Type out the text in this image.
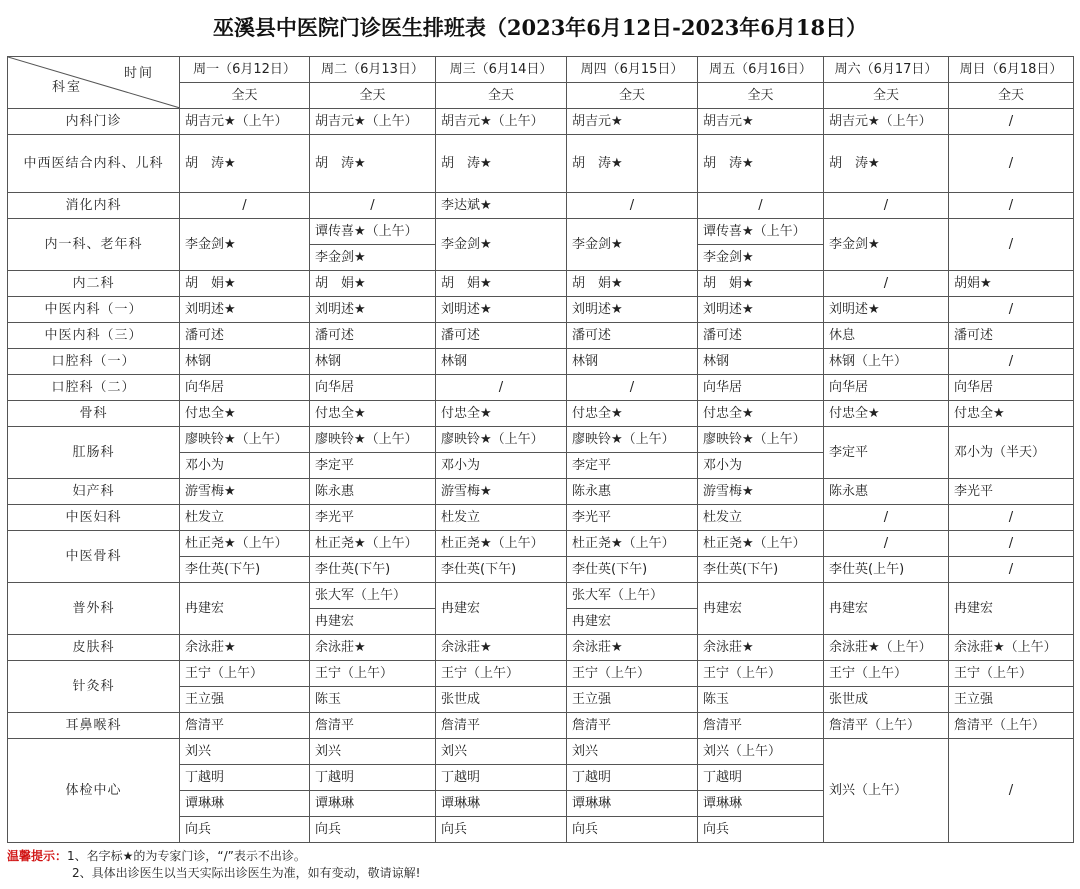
巫溪县中医院门诊医生排班表（2023年6月12日-2023年6月18日）
科室
时间	周一（6月12日）	周二（6月13日）	周三（6月14日）	周四（6月15日）	周五（6月16日）	周六（6月17日）	周日（6月18日）
	全天	全天	全天	全天	全天	全天	全天
内科门诊	胡吉元★（上午）	胡吉元★（上午）	胡吉元★（上午）	胡吉元★	胡吉元★	胡吉元★（上午）	/
中西医结合内科、儿科	胡　涛★	胡　涛★	胡　涛★	胡　涛★	胡　涛★	胡　涛★	/
消化内科	/	/	李达斌★	/	/	/	/
内一科、老年科	李金剑★	谭传喜★（上午）	李金剑★	李金剑★	谭传喜★（上午）	李金剑★	/
		李金剑★			李金剑★		
内二科	胡　娟★	胡　娟★	胡　娟★	胡　娟★	胡　娟★	/	胡娟★
中医内科（一）	刘明述★	刘明述★	刘明述★	刘明述★	刘明述★	刘明述★	/
中医内科（三）	潘可述	潘可述	潘可述	潘可述	潘可述	休息	潘可述
口腔科（一）	林钢	林钢	林钢	林钢	林钢	林钢（上午）	/
口腔科（二）	向华居	向华居	/	/	向华居	向华居	向华居
骨科	付忠全★	付忠全★	付忠全★	付忠全★	付忠全★	付忠全★	付忠全★
肛肠科	廖映铃★（上午）	廖映铃★（上午）	廖映铃★（上午）	廖映铃★（上午）	廖映铃★（上午）	李定平	邓小为（半天）
	邓小为	李定平	邓小为	李定平	邓小为		
妇产科	游雪梅★	陈永惠	游雪梅★	陈永惠	游雪梅★	陈永惠	李光平
中医妇科	杜发立	李光平	杜发立	李光平	杜发立	/	/
中医骨科	杜正尧★（上午）	杜正尧★（上午）	杜正尧★（上午）	杜正尧★（上午）	杜正尧★（上午）	/	/
	李仕英(下午)	李仕英(下午)	李仕英(下午)	李仕英(下午)	李仕英(下午)	李仕英(上午)	/
普外科	冉建宏	张大军（上午）	冉建宏	张大军（上午）	冉建宏	冉建宏	冉建宏
		冉建宏		冉建宏			
皮肤科	余泳莊★	余泳莊★	余泳莊★	余泳莊★	余泳莊★	余泳莊★（上午）	余泳莊★（上午）
针灸科	王宁（上午）	王宁（上午）	王宁（上午）	王宁（上午）	王宁（上午）	王宁（上午）	王宁（上午）
	王立强	陈玉	张世成	王立强	陈玉	张世成	王立强
耳鼻喉科	詹清平	詹清平	詹清平	詹清平	詹清平	詹清平（上午）	詹清平（上午）
体检中心	刘兴	刘兴	刘兴	刘兴	刘兴（上午）	刘兴（上午）	/
	丁越明	丁越明	丁越明	丁越明	丁越明		
	谭琳琳	谭琳琳	谭琳琳	谭琳琳	谭琳琳		
	向兵	向兵	向兵	向兵	向兵		
温馨提示：1、名字标★的为专家门诊，“/”表示不出诊。
2、具体出诊医生以当天实际出诊医生为准，如有变动，敬请谅解!
